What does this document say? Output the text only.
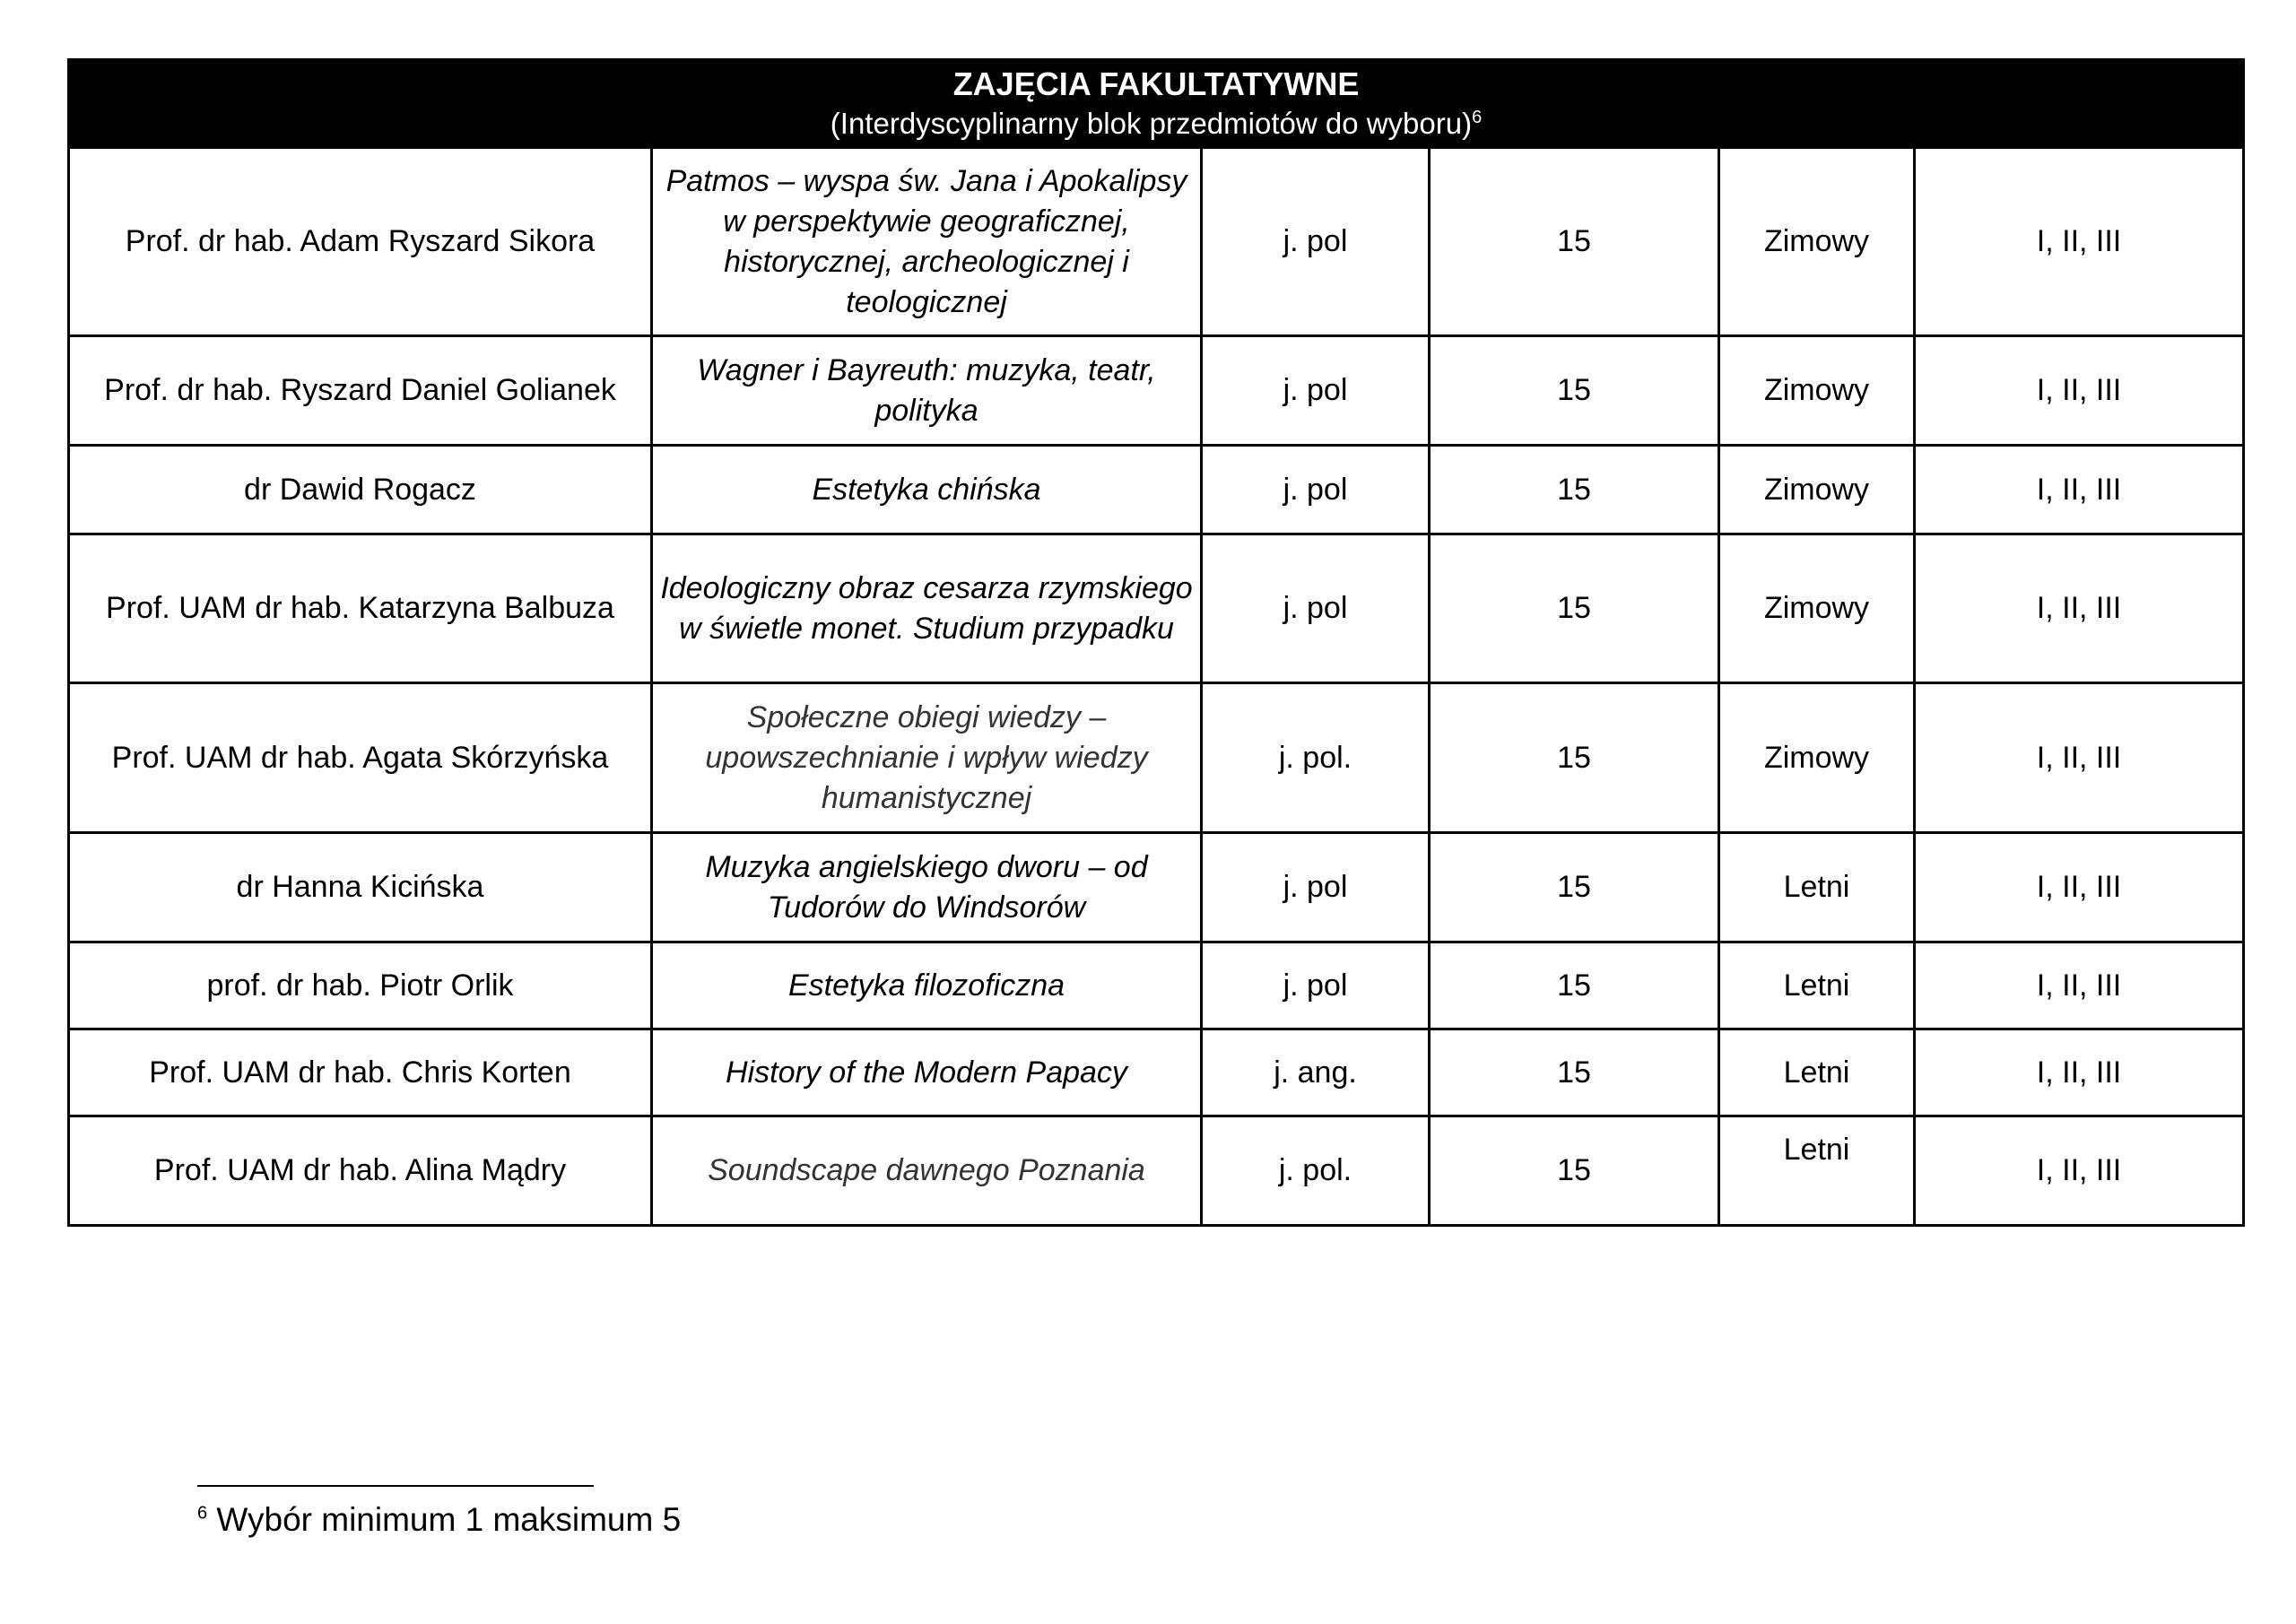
ZAJĘCIA FAKULTATYWNE
(Interdyscyplinarny blok przedmiotów do wyboru)$^6$

Prof. dr hab. Adam Ryszard Sikora	Patmos – wyspa św. Jana i Apokalipsy w perspektywie geograficznej, historycznej, archeologicznej i teologicznej	j. pol	15	Zimowy	I, II, III
Prof. dr hab. Ryszard Daniel Golianek	Wagner i Bayreuth: muzyka, teatr, polityka	j. pol	15	Zimowy	I, II, III
dr Dawid Rogacz	Estetyka chińska	j. pol	15	Zimowy	I, II, III
Prof. UAM dr hab. Katarzyna Balbuza	Ideologiczny obraz cesarza rzymskiego w świetle monet. Studium przypadku	j. pol	15	Zimowy	I, II, III
Prof. UAM dr hab. Agata Skórzyńska	Społeczne obiegi wiedzy – upowszechnianie i wpływ wiedzy humanistycznej	j. pol.	15	Zimowy	I, II, III
dr Hanna Kicińska	Muzyka angielskiego dworu – od Tudorów do Windsorów	j. pol	15	Letni	I, II, III
prof. dr hab. Piotr Orlik	Estetyka filozoficzna	j. pol	15	Letni	I, II, III
Prof. UAM dr hab. Chris Korten	History of the Modern Papacy	j. ang.	15	Letni	I, II, III
Prof. UAM dr hab. Alina Mądry	Soundscape dawnego Poznania	j. pol.	15	Letni	I, II, III
$^6$ Wybór minimum 1 maksimum 5
